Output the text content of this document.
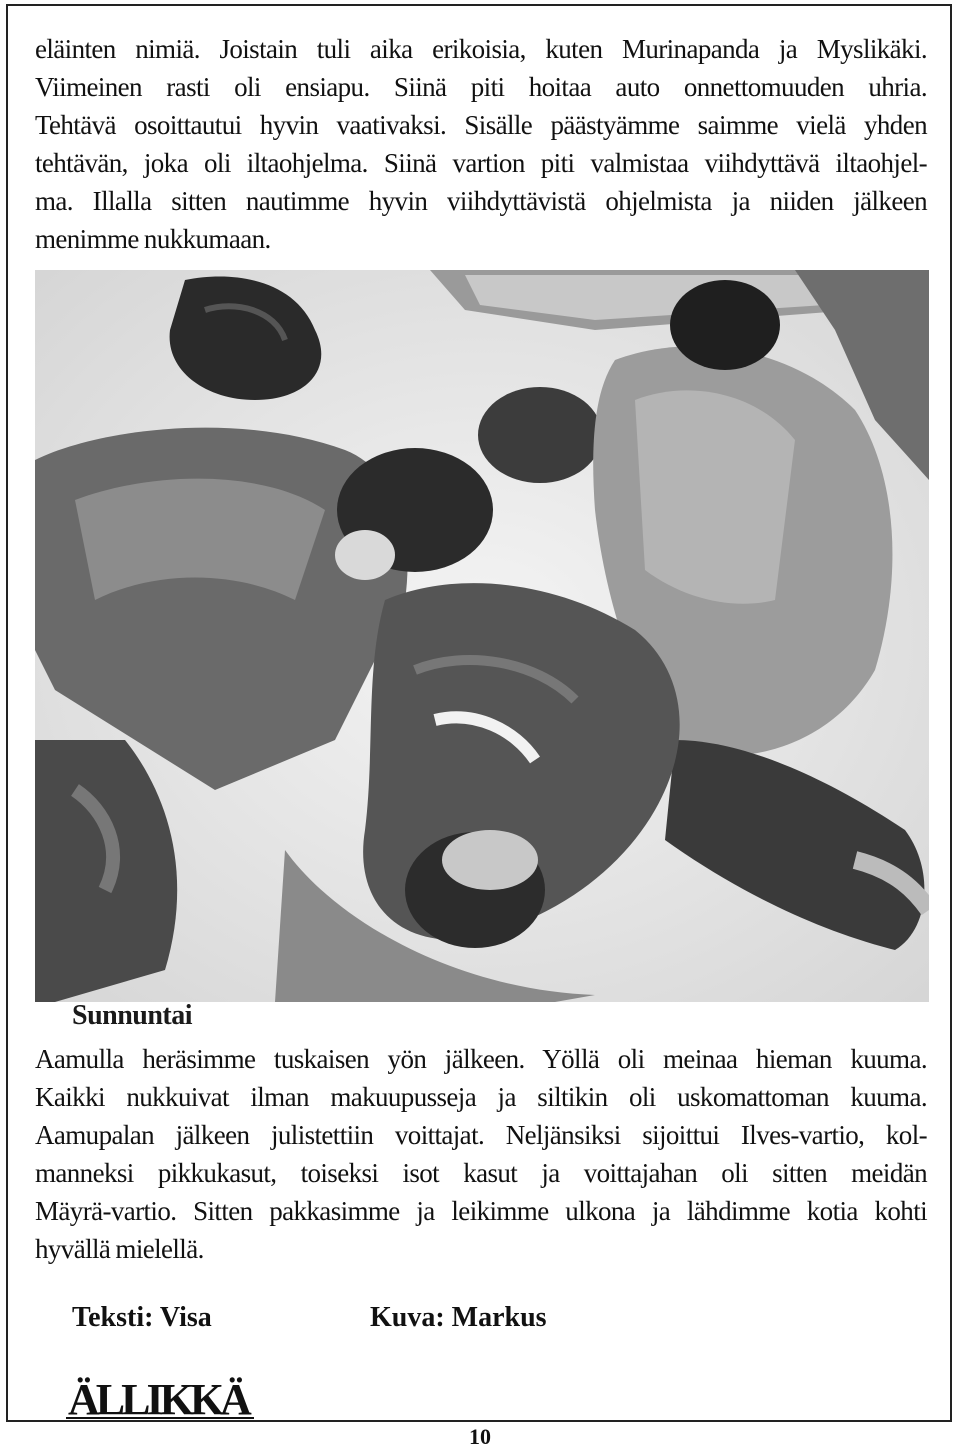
eläinten nimiä. Joistain tuli aika erikoisia, kuten Murinapanda ja Myslikäki.
Viimeinen rasti oli ensiapu. Siinä piti hoitaa auto onnettomuuden uhria.
Tehtävä osoittautui hyvin vaativaksi. Sisälle päästyämme saimme vielä yhden
tehtävän, joka oli iltaohjelma. Siinä vartion piti valmistaa viihdyttävä iltaohjel-
ma. Illalla sitten nautimme hyvin viihdyttävistä ohjelmista ja niiden jälkeen
menimme nukkumaan.
Sunnuntai
Aamulla heräsimme tuskaisen yön jälkeen. Yöllä oli meinaa hieman kuuma.
Kaikki nukkuivat ilman makuupusseja ja siltikin oli uskomattoman kuuma.
Aamupalan jälkeen julistettiin voittajat. Neljänsiksi sijoittui Ilves-vartio, kol-
manneksi pikkukasut, toiseksi isot kasut ja voittajahan oli sitten meidän
Mäyrä-vartio. Sitten pakkasimme ja leikimme ulkona ja lähdimme kotia kohti
hyvällä mielellä.
Teksti: Visa	Kuva: Markus
ÄLLIKKÄ
10
